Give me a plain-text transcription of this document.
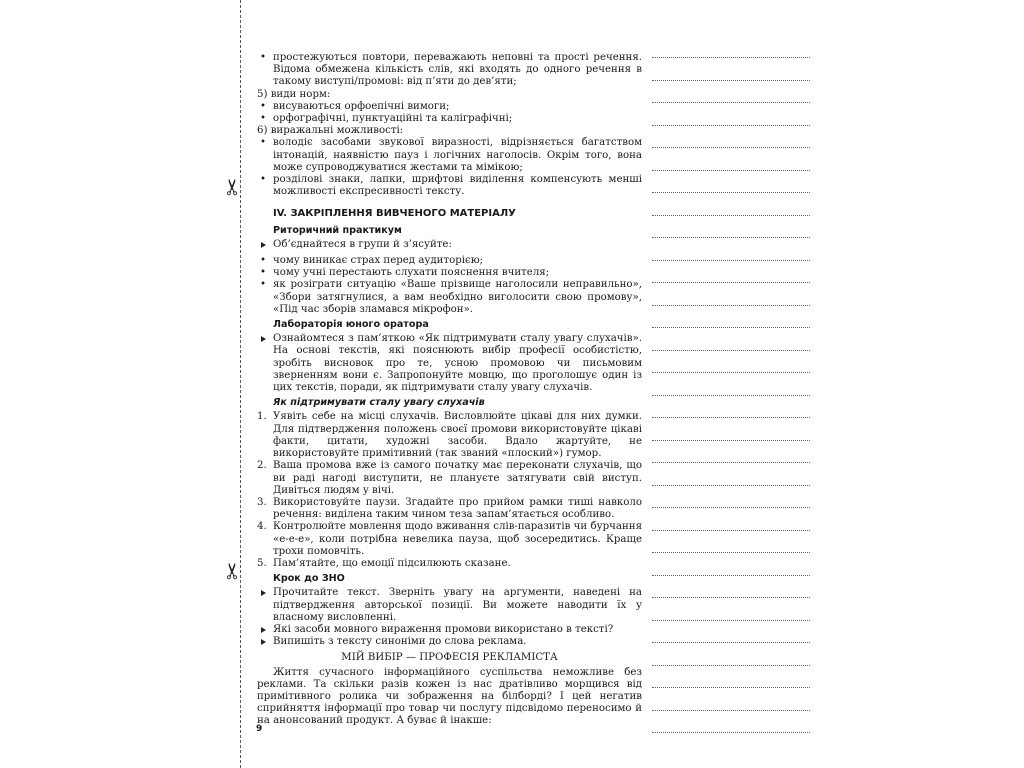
✂
✂

• простежуються повтори, переважають неповні та прості речення. Відома обмежена кількість слів, які входять до одного речення в такому виступі/промові: від п’яти до дев’яти;

5) види норм:

• висуваються орфоепічні вимоги;

• орфографічні, пунктуаційні та каліграфічні;

6) виражальні можливості:

• володіє засобами звукової виразності, відрізняється багатством інтонацій, наявністю пауз і логічних наголосів. Окрім того, вона може супроводжуватися жестами та мімікою;

• розділові знаки, лапки, шрифтові виділення компенсують менші можливості експресивності тексту.

IV. ЗАКРІПЛЕННЯ ВИВЧЕНОГО МАТЕРІАЛУ

Риторичний практикум

Об’єднайтеся в групи й з’ясуйте:

• чому виникає страх перед аудиторією;

• чому учні перестають слухати пояснення вчителя;

• як розіграти ситуацію «Ваше прізвище наголосили неправильно», «Збори затягнулися, а вам необхідно виголосити свою промову», «Під час зборів зламався мікрофон».

Лабораторія юного оратора

Ознайомтеся з пам’яткою «Як підтримувати сталу увагу слухачів». На основі текстів, які пояснюють вибір професії особистістю, зробіть висновок про те, усною промовою чи письмовим зверненням вони є. Запропонуйте мовцю, що проголошує один із цих текстів, поради, як підтримувати сталу увагу слухачів.

Як підтримувати сталу увагу слухачів

1. Уявіть себе на місці слухачів. Висловлюйте цікаві для них думки. Для підтвердження положень своєї промови використовуйте цікаві факти, цитати, художні засоби. Вдало жартуйте, не використовуйте примітивний (так званий «плоский») гумор.

2. Ваша промова вже із самого початку має переконати слухачів, що ви раді нагоді виступити, не плануєте затягувати свій виступ. Дивіться людям у вічі.

3. Використовуйте паузи. Згадайте про прийом рамки тиші навколо речення: виділена таким чином теза запам’ятається особливо.

4. Контролюйте мовлення щодо вживання слів-паразитів чи бурчання «е-е-е», коли потрібна невелика пауза, щоб зосередитись. Краще трохи помовчіть.

5. Пам’ятайте, що емоції підсилюють сказане.

Крок до ЗНО

Прочитайте текст. Зверніть увагу на аргументи, наведені на підтвердження авторської позиції. Ви можете наводити їх у власному висловленні.

Які засоби мовного вираження промови використано в тексті?

Випишіть з тексту синоніми до слова реклама.

МІЙ ВИБІР — ПРОФЕСІЯ РЕКЛАМІСТА

Життя сучасного інформаційного суспільства неможливе без реклами. Та скільки разів кожен із нас дратівливо морщився від примітивного ролика чи зображення на білборді? І цей негатив сприйняття інформації про товар чи послугу підсвідомо переносимо й на анонсований продукт. А буває й інакше:

9
